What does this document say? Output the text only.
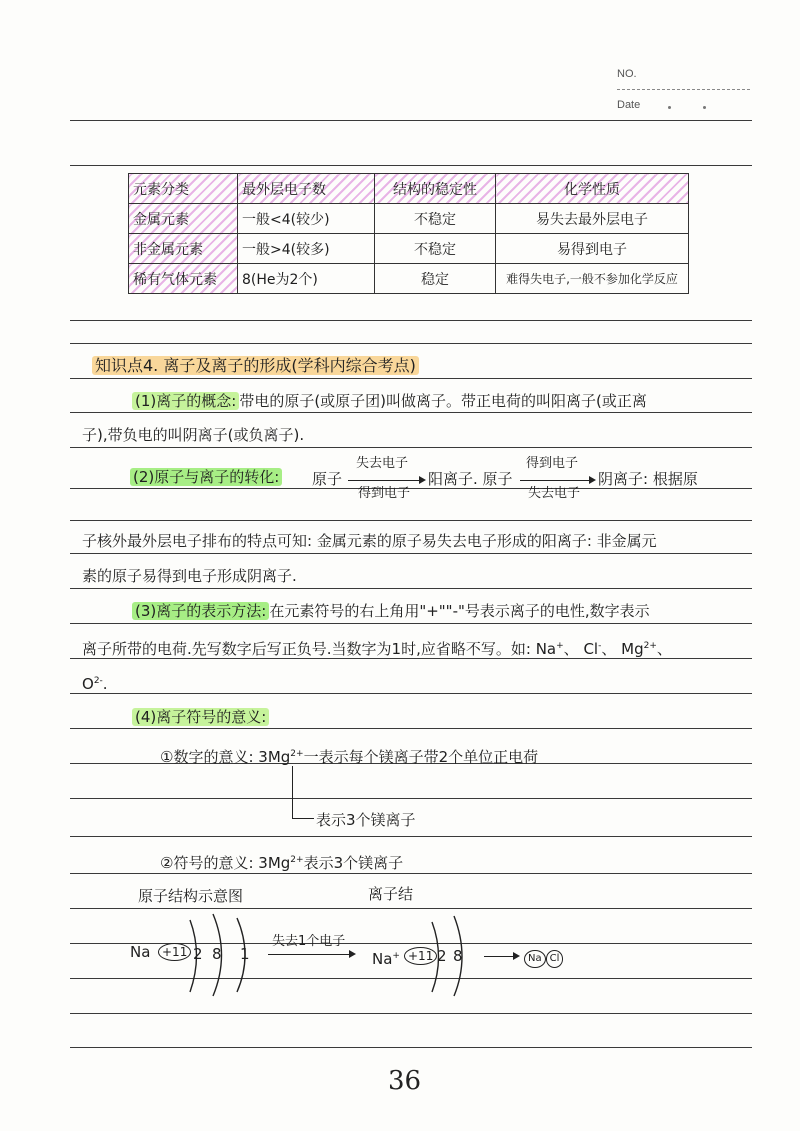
NO.
Date
元素分类	最外层电子数	结构的稳定性	化学性质
金属元素	一般<4(较少)	不稳定	易失去最外层电子
非金属元素	一般>4(较多)	不稳定	易得到电子
稀有气体元素	8(He为2个)	稳定	难得失电子,一般不参加化学反应
知识点4. 离子及离子的形成(学科内综合考点)
(1)离子的概念: 带电的原子(或原子团)叫做离子。带正电荷的叫阳离子(或正离
子),带负电的叫阴离子(或负离子).
(2)原子与离子的转化: 原子
失去电子
得到电子
阳离子. 原子
得到电子
失去电子
阴离子: 根据原
子核外最外层电子排布的特点可知: 金属元素的原子易失去电子形成的阳离子: 非金属元
素的原子易得到电子形成阴离子.
(3)离子的表示方法: 在元素符号的右上角用"+""-"号表示离子的电性,数字表示
离子所带的电荷.先写数字后写正负号.当数字为1时,应省略不写。如: Na+、 Cl-、 $Mg^{2+}$、
$O^{2-}$.
(4)离子符号的意义:
①数字的意义: $3Mg^{2+}$一表示每个镁离子带2个单位正电荷
表示3个镁离子
②符号的意义: $3Mg^{2+}$表示3个镁离子
原子结构示意图	离子结
Na +11 2 8 1
失去1个电子
Na+ +11 2 8	Na Cl
36
